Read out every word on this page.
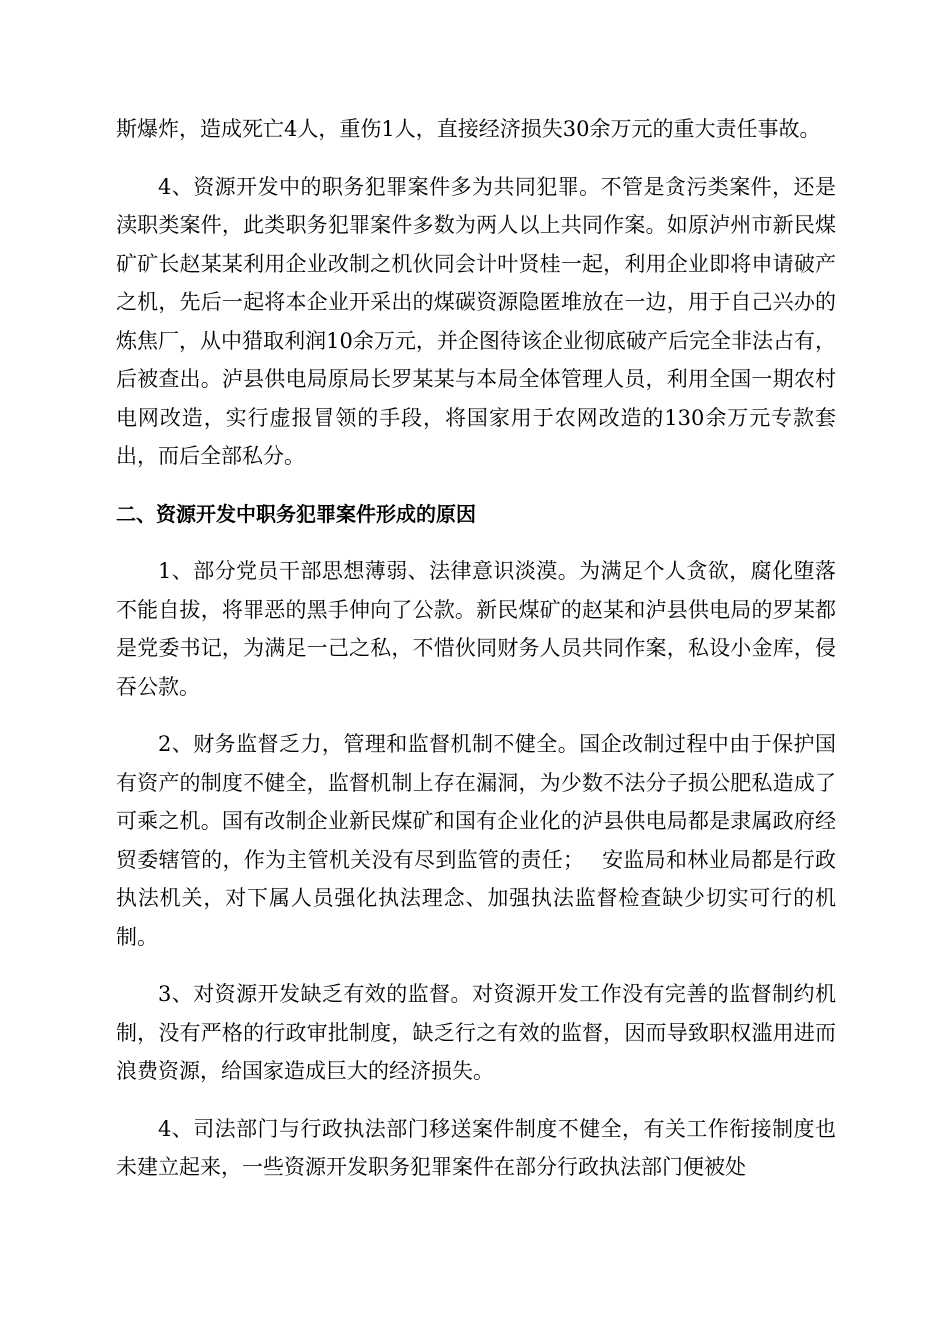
斯爆炸，造成死亡4人，重伤1人，直接经济损失30余万元的重大责任事故。

4、资源开发中的职务犯罪案件多为共同犯罪。不管是贪污类案件，还是渎职类案件，此类职务犯罪案件多数为两人以上共同作案。如原泸州市新民煤矿矿长赵某某利用企业改制之机伙同会计叶贤桂一起，利用企业即将申请破产之机，先后一起将本企业开采出的煤碳资源隐匿堆放在一边，用于自己兴办的炼焦厂，从中猎取利润10余万元，并企图待该企业彻底破产后完全非法占有，后被查出。泸县供电局原局长罗某某与本局全体管理人员，利用全国一期农村电网改造，实行虚报冒领的手段，将国家用于农网改造的130余万元专款套出，而后全部私分。

二、资源开发中职务犯罪案件形成的原因

1、部分党员干部思想薄弱、法律意识淡漠。为满足个人贪欲，腐化堕落不能自拔，将罪恶的黑手伸向了公款。新民煤矿的赵某和泸县供电局的罗某都是党委书记，为满足一己之私，不惜伙同财务人员共同作案，私设小金库，侵吞公款。

2、财务监督乏力，管理和监督机制不健全。国企改制过程中由于保护国有资产的制度不健全，监督机制上存在漏洞，为少数不法分子损公肥私造成了可乘之机。国有改制企业新民煤矿和国有企业化的泸县供电局都是隶属政府经贸委辖管的，作为主管机关没有尽到监管的责任；　 安监局和林业局都是行政执法机关，对下属人员强化执法理念、加强执法监督检查缺少切实可行的机制。

3、对资源开发缺乏有效的监督。对资源开发工作没有完善的监督制约机制，没有严格的行政审批制度，缺乏行之有效的监督，因而导致职权滥用进而浪费资源，给国家造成巨大的经济损失。

4、司法部门与行政执法部门移送案件制度不健全，有关工作衔接制度也未建立起来，一些资源开发职务犯罪案件在部分行政执法部门便被处
